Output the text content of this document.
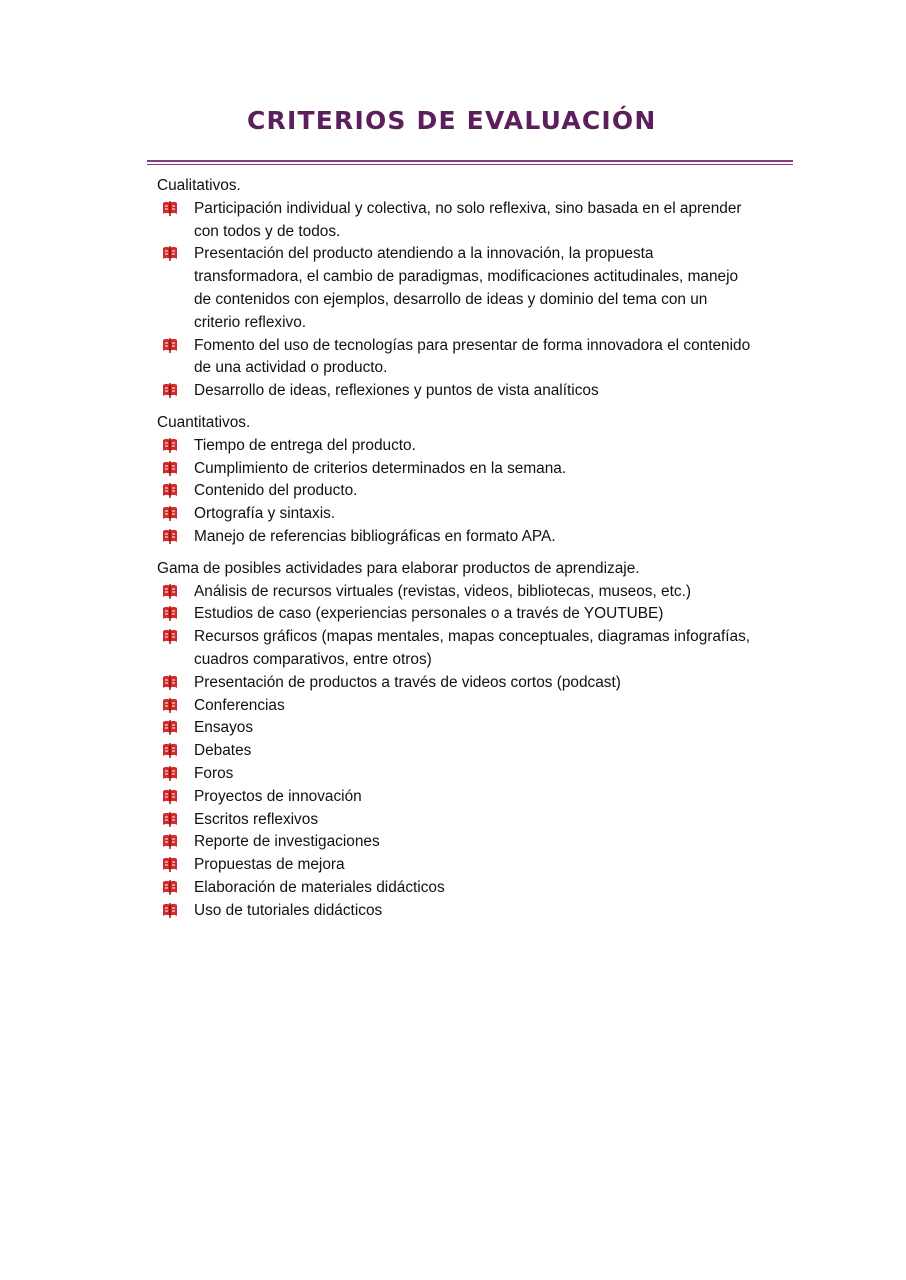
CRITERIOS DE EVALUACIÓN

Cualitativos.

Participación individual y colectiva, no solo reflexiva, sino basada en el aprender con todos y de todos.
Presentación del producto atendiendo a la innovación, la propuesta transformadora, el cambio de paradigmas, modificaciones actitudinales, manejo de contenidos con ejemplos, desarrollo de ideas y dominio del tema con un criterio reflexivo.
Fomento del uso de tecnologías para presentar de forma innovadora el contenido de una actividad o producto.
Desarrollo de ideas, reflexiones y puntos de vista analíticos

Cuantitativos.

Tiempo de entrega del producto.
Cumplimiento de criterios determinados en la semana.
Contenido del producto.
Ortografía y sintaxis.
Manejo de referencias bibliográficas en formato APA.

Gama de posibles actividades para elaborar productos de aprendizaje.

Análisis de recursos virtuales (revistas, videos, bibliotecas, museos, etc.)
Estudios de caso (experiencias personales o a través de YOUTUBE)
Recursos gráficos (mapas mentales, mapas conceptuales, diagramas infografías, cuadros comparativos, entre otros)
Presentación de productos a través de videos cortos (podcast)
Conferencias
Ensayos
Debates
Foros
Proyectos de innovación
Escritos reflexivos
Reporte de investigaciones
Propuestas de mejora
Elaboración de materiales didácticos
Uso de tutoriales didácticos
